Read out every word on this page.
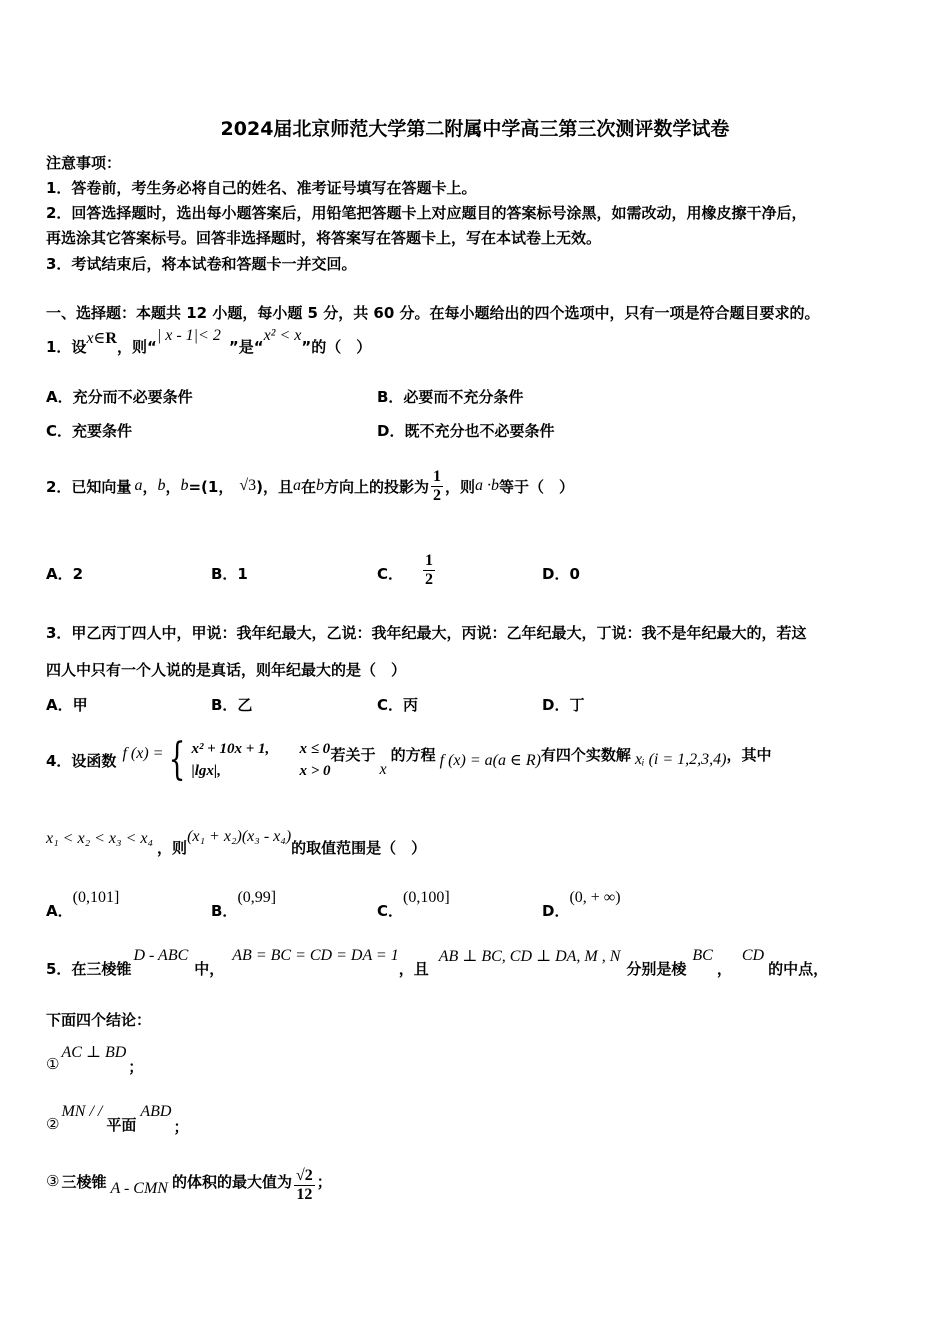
2024届北京师范大学第二附属中学高三第三次测评数学试卷
注意事项：
1．答卷前，考生务必将自己的姓名、准考证号填写在答题卡上。
2．回答选择题时，选出每小题答案后，用铅笔把答题卡上对应题目的答案标号涂黑，如需改动，用橡皮擦干净后，
再选涂其它答案标号。回答非选择题时，将答案写在答题卡上，写在本试卷上无效。
3．考试结束后，将本试卷和答题卡一并交回。
一、选择题：本题共 12 小题，每小题 5 分，共 60 分。在每小题给出的四个选项中，只有一项是符合题目要求的。
1．设 x∈R ，则“
| x - 1|< 2
”是“
x² < x
”的（　）
A．充分而不必要条件	B．必要而不充分条件
C．充要条件	D．既不充分也不必要条件
2．已知向量 a ， b ， b =(1， √3 )，且 a 在 b 方向上的投影为 $\frac{1}{2}$ ，则 a ·b 等于（　）
A．2	B．1	C． $\frac{1}{2}$	D．0
3．甲乙丙丁四人中，甲说：我年纪最大，乙说：我年纪最大，丙说：乙年纪最大，丁说：我不是年纪最大的，若这
四人中只有一个人说的是真话，则年纪最大的是（　）
A．甲	B．乙	C．丙	D．丁
4．设函数 f (x) = { x² + 10x + 1,	x ≤ 0
|lgx|,	x > 0
若关于
x
的方程 f (x) = a(a ∈ R) 有四个实数解 xᵢ (i = 1,2,3,4) ，其中
x₁ < x₂ < x₃ < x₄ ，则
(x₁ + x₂)(x₃ - x₄)
的取值范围是（　）
A．
(0,101]
B．
(0,99]
C．
(0,100]
D．
(0, + ∞)
5．在三棱锥
D - ABC
中，
AB = BC = CD = DA = 1
，且
AB ⊥ BC, CD ⊥ DA, M , N
分别是棱
BC
，
CD
的中点，
下面四个结论：
①
AC ⊥ BD
；
②
MN / /
平面
ABD
；
③ 三棱锥 A - CMN 的体积的最大值为 $\frac{√2}{12}$ ；
